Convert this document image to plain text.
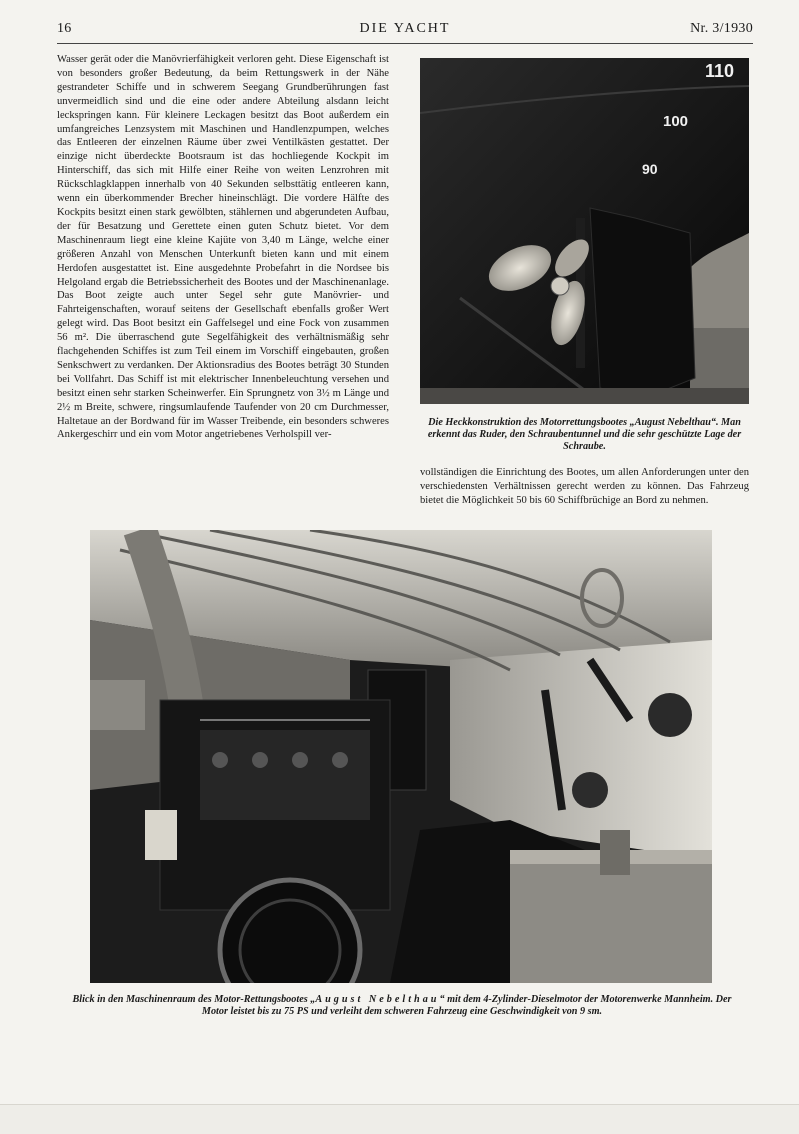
16	DIE YACHT	Nr. 3/1930
Wasser gerät oder die Manövrierfähigkeit verloren geht. Diese Eigenschaft ist von besonders großer Bedeutung, da beim Rettungswerk in der Nähe gestrandeter Schiffe und in schwerem Seegang Grundberührungen fast unvermeidlich sind und die eine oder andere Abteilung alsdann leicht leckspringen kann. Für kleinere Leckagen besitzt das Boot außerdem ein umfangreiches Lenzsystem mit Maschinen und Handlenzpumpen, welches das Entleeren der einzelnen Räume über zwei Ventilkästen gestattet. Der einzige nicht überdeckte Bootsraum ist das hochliegende Kockpit im Hinterschiff, das sich mit Hilfe einer Reihe von weiten Lenzrohren mit Rückschlagklappen innerhalb von 40 Sekunden selbsttätig entleeren kann, wenn ein überkommender Brecher hineinschlägt. Die vordere Hälfte des Kockpits besitzt einen stark gewölbten, stählernen und abgerundeten Aufbau, der für Besatzung und Gerettete einen guten Schutz bietet. Vor dem Maschinenraum liegt eine kleine Kajüte von 3,40 m Länge, welche einer größeren Anzahl von Menschen Unterkunft bieten kann und mit einem Herdofen ausgestattet ist. Eine ausgedehnte Probefahrt in die Nordsee bis Helgoland ergab die Betriebssicherheit des Bootes und der Maschinenanlage. Das Boot zeigte auch unter Segel sehr gute Manövrier- und Fahrteigenschaften, worauf seitens der Gesellschaft ebenfalls großer Wert gelegt wird. Das Boot besitzt ein Gaffelsegel und eine Fock von zusammen 56 m². Die überraschend gute Segelfähigkeit des verhältnismäßig sehr flachgehenden Schiffes ist zum Teil einem im Vorschiff eingebauten, großen Senkschwert zu verdanken. Der Aktionsradius des Bootes beträgt 30 Stunden bei Vollfahrt. Das Schiff ist mit elektrischer Innenbeleuchtung versehen und besitzt einen sehr starken Scheinwerfer. Ein Sprungnetz von 3½ m Länge und 2½ m Breite, schwere, ringsumlaufende Taufender von 20 cm Durchmesser, Haltetaue an der Bordwand für im Wasser Treibende, ein besonders schweres Ankergeschirr und ein vom Motor angetriebenes Verholspill ver-
110
100
90
Die Heckkonstruktion des Motorrettungsbootes „August Nebelthau“. Man erkennt das Ruder, den Schraubentunnel und die sehr geschützte Lage der Schraube.
vollständigen die Einrichtung des Bootes, um allen Anforderungen unter den verschiedensten Verhältnissen gerecht werden zu können. Das Fahrzeug bietet die Möglichkeit 50 bis 60 Schiffbrüchige an Bord zu nehmen.
Blick in den Maschinenraum des Motor-Rettungsbootes „August Nebelthau“ mit dem 4-Zylinder-Dieselmotor der Motorenwerke Mannheim. Der Motor leistet bis zu 75 PS und verleiht dem schweren Fahrzeug eine Geschwindigkeit von 9 sm.
